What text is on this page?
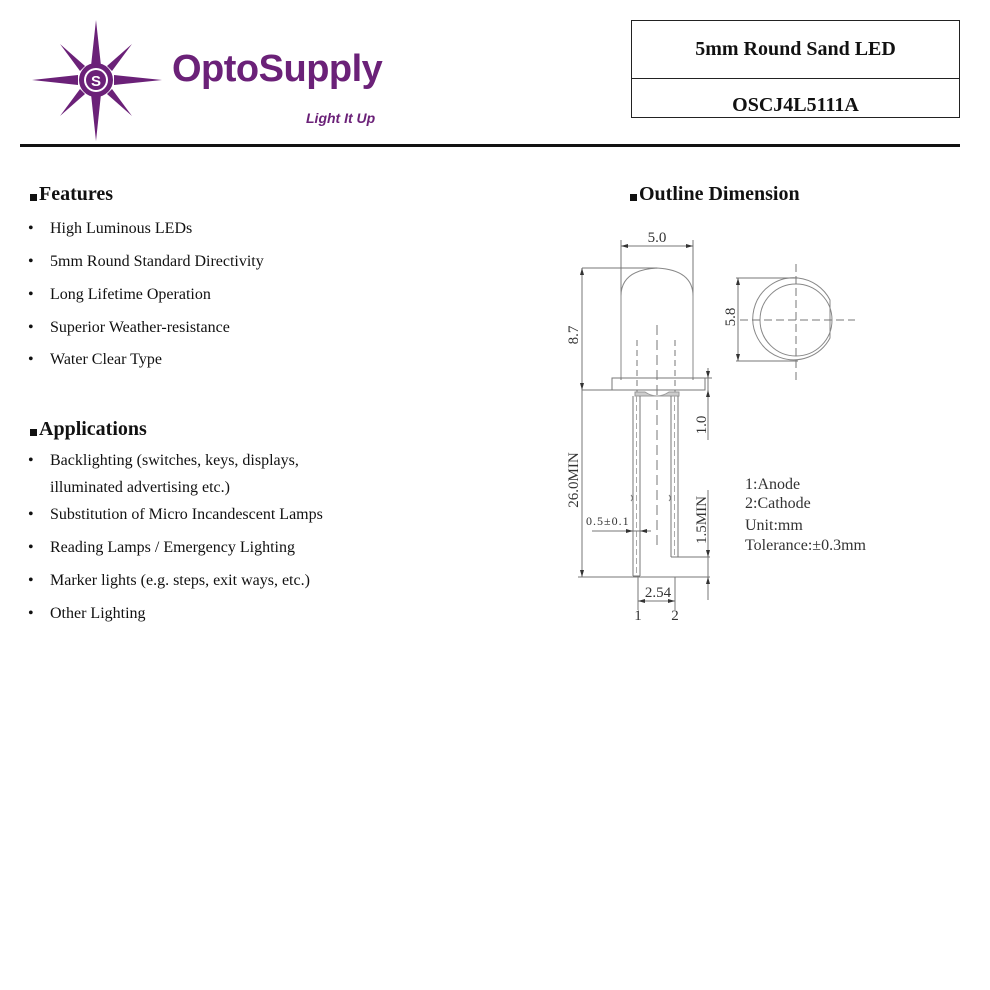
S OptoSupply
Light It Up
5mm Round Sand LED
OSCJ4L5111A
Features
• High Luminous LEDs
• 5mm Round Standard Directivity
• Long Lifetime Operation
• Superior Weather-resistance
• Water Clear Type
Applications
• Backlighting (switches, keys, displays,
illuminated advertising etc.)
• Substitution of Micro Incandescent Lamps
• Reading Lamps / Emergency Lighting
• Marker lights (e.g. steps, exit ways, etc.)
• Other Lighting
Outline Dimension
5.0
8.7
1.0
26.0MIN
0.5±0.1	1.5MIN
2.54
1 2
5.8
1:Anode
2:Cathode
Unit:mm
Tolerance:±0.3mm
